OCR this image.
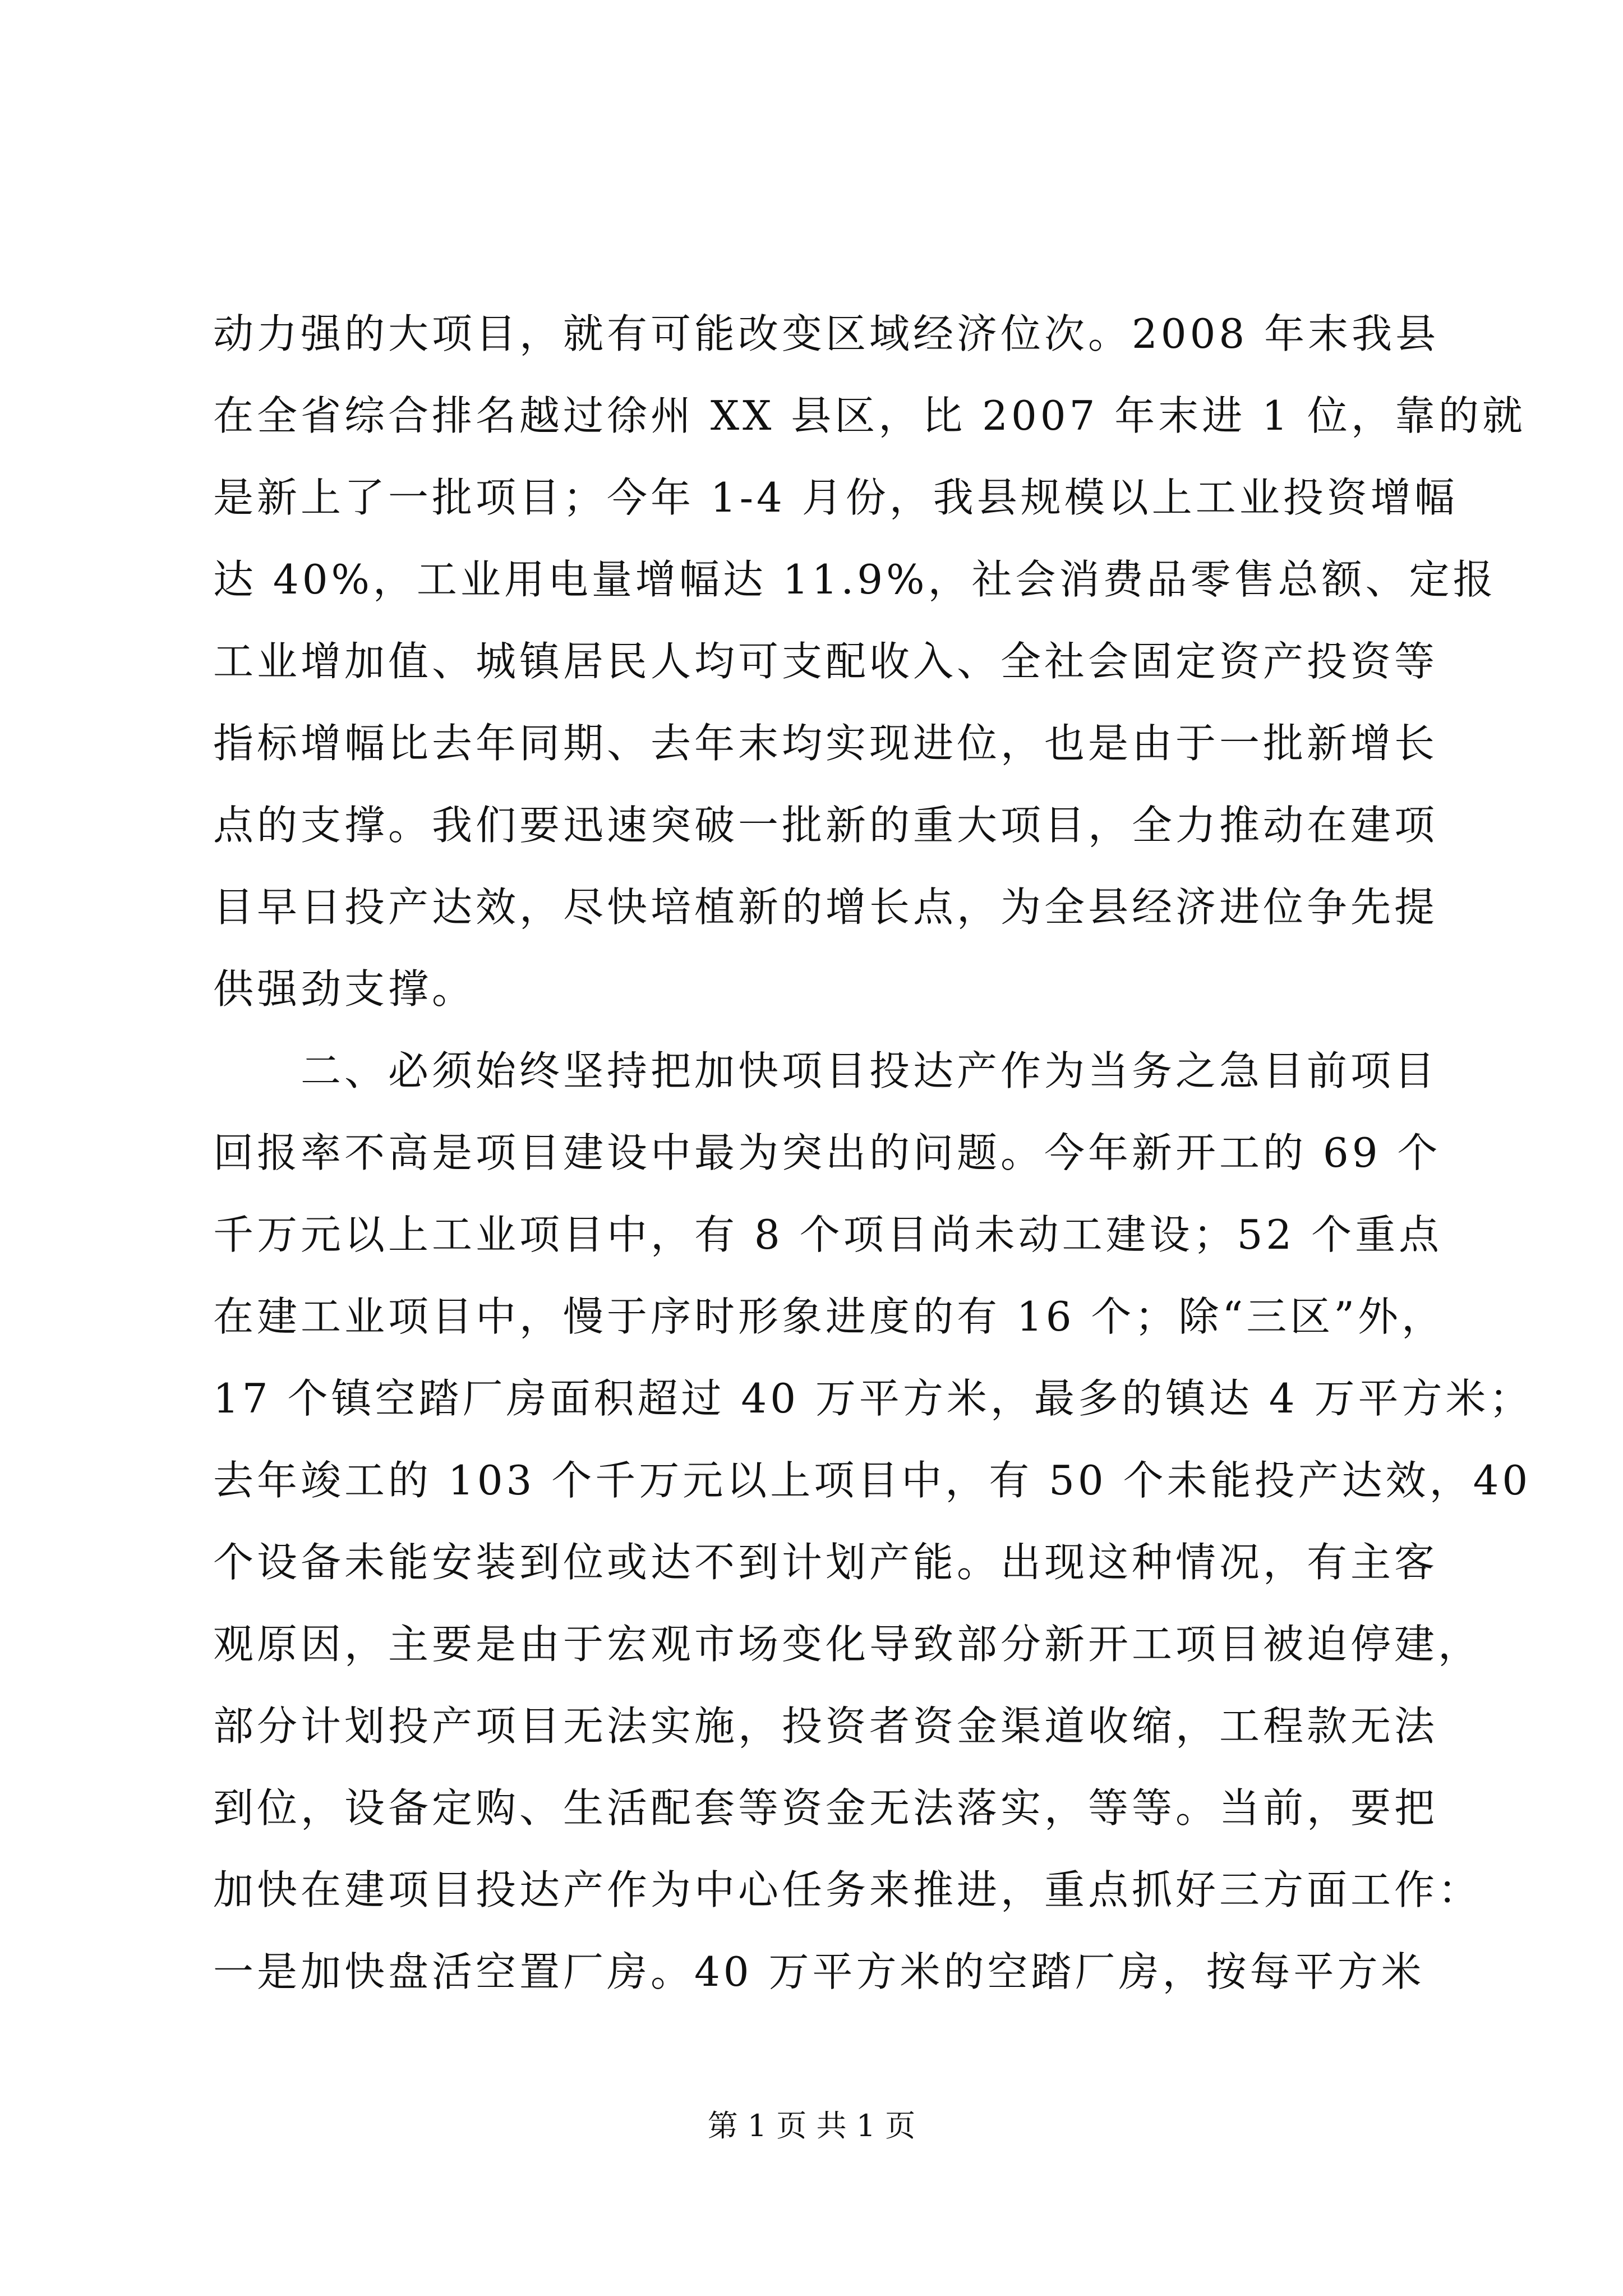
动力强的大项目，就有可能改变区域经济位次。2008 年末我县
在全省综合排名越过徐州 XX 县区，比 2007 年末进 1 位，靠的就
是新上了一批项目；今年 1-4 月份，我县规模以上工业投资增幅
达 40%，工业用电量增幅达 11.9%，社会消费品零售总额、定报
工业增加值、城镇居民人均可支配收入、全社会固定资产投资等
指标增幅比去年同期、去年末均实现进位，也是由于一批新增长
点的支撑。我们要迅速突破一批新的重大项目，全力推动在建项
目早日投产达效，尽快培植新的增长点，为全县经济进位争先提
供强劲支撑。
　　二、必须始终坚持把加快项目投达产作为当务之急目前项目
回报率不高是项目建设中最为突出的问题。今年新开工的 69 个
千万元以上工业项目中，有 8 个项目尚未动工建设；52 个重点
在建工业项目中，慢于序时形象进度的有 16 个；除“三区”外，
17 个镇空踏厂房面积超过 40 万平方米，最多的镇达 4 万平方米；
去年竣工的 103 个千万元以上项目中，有 50 个未能投产达效，40
个设备未能安装到位或达不到计划产能。出现这种情况，有主客
观原因，主要是由于宏观市场变化导致部分新开工项目被迫停建，
部分计划投产项目无法实施，投资者资金渠道收缩，工程款无法
到位，设备定购、生活配套等资金无法落实，等等。当前，要把
加快在建项目投达产作为中心任务来推进，重点抓好三方面工作：
一是加快盘活空置厂房。40 万平方米的空踏厂房，按每平方米
第 1 页 共 1 页
